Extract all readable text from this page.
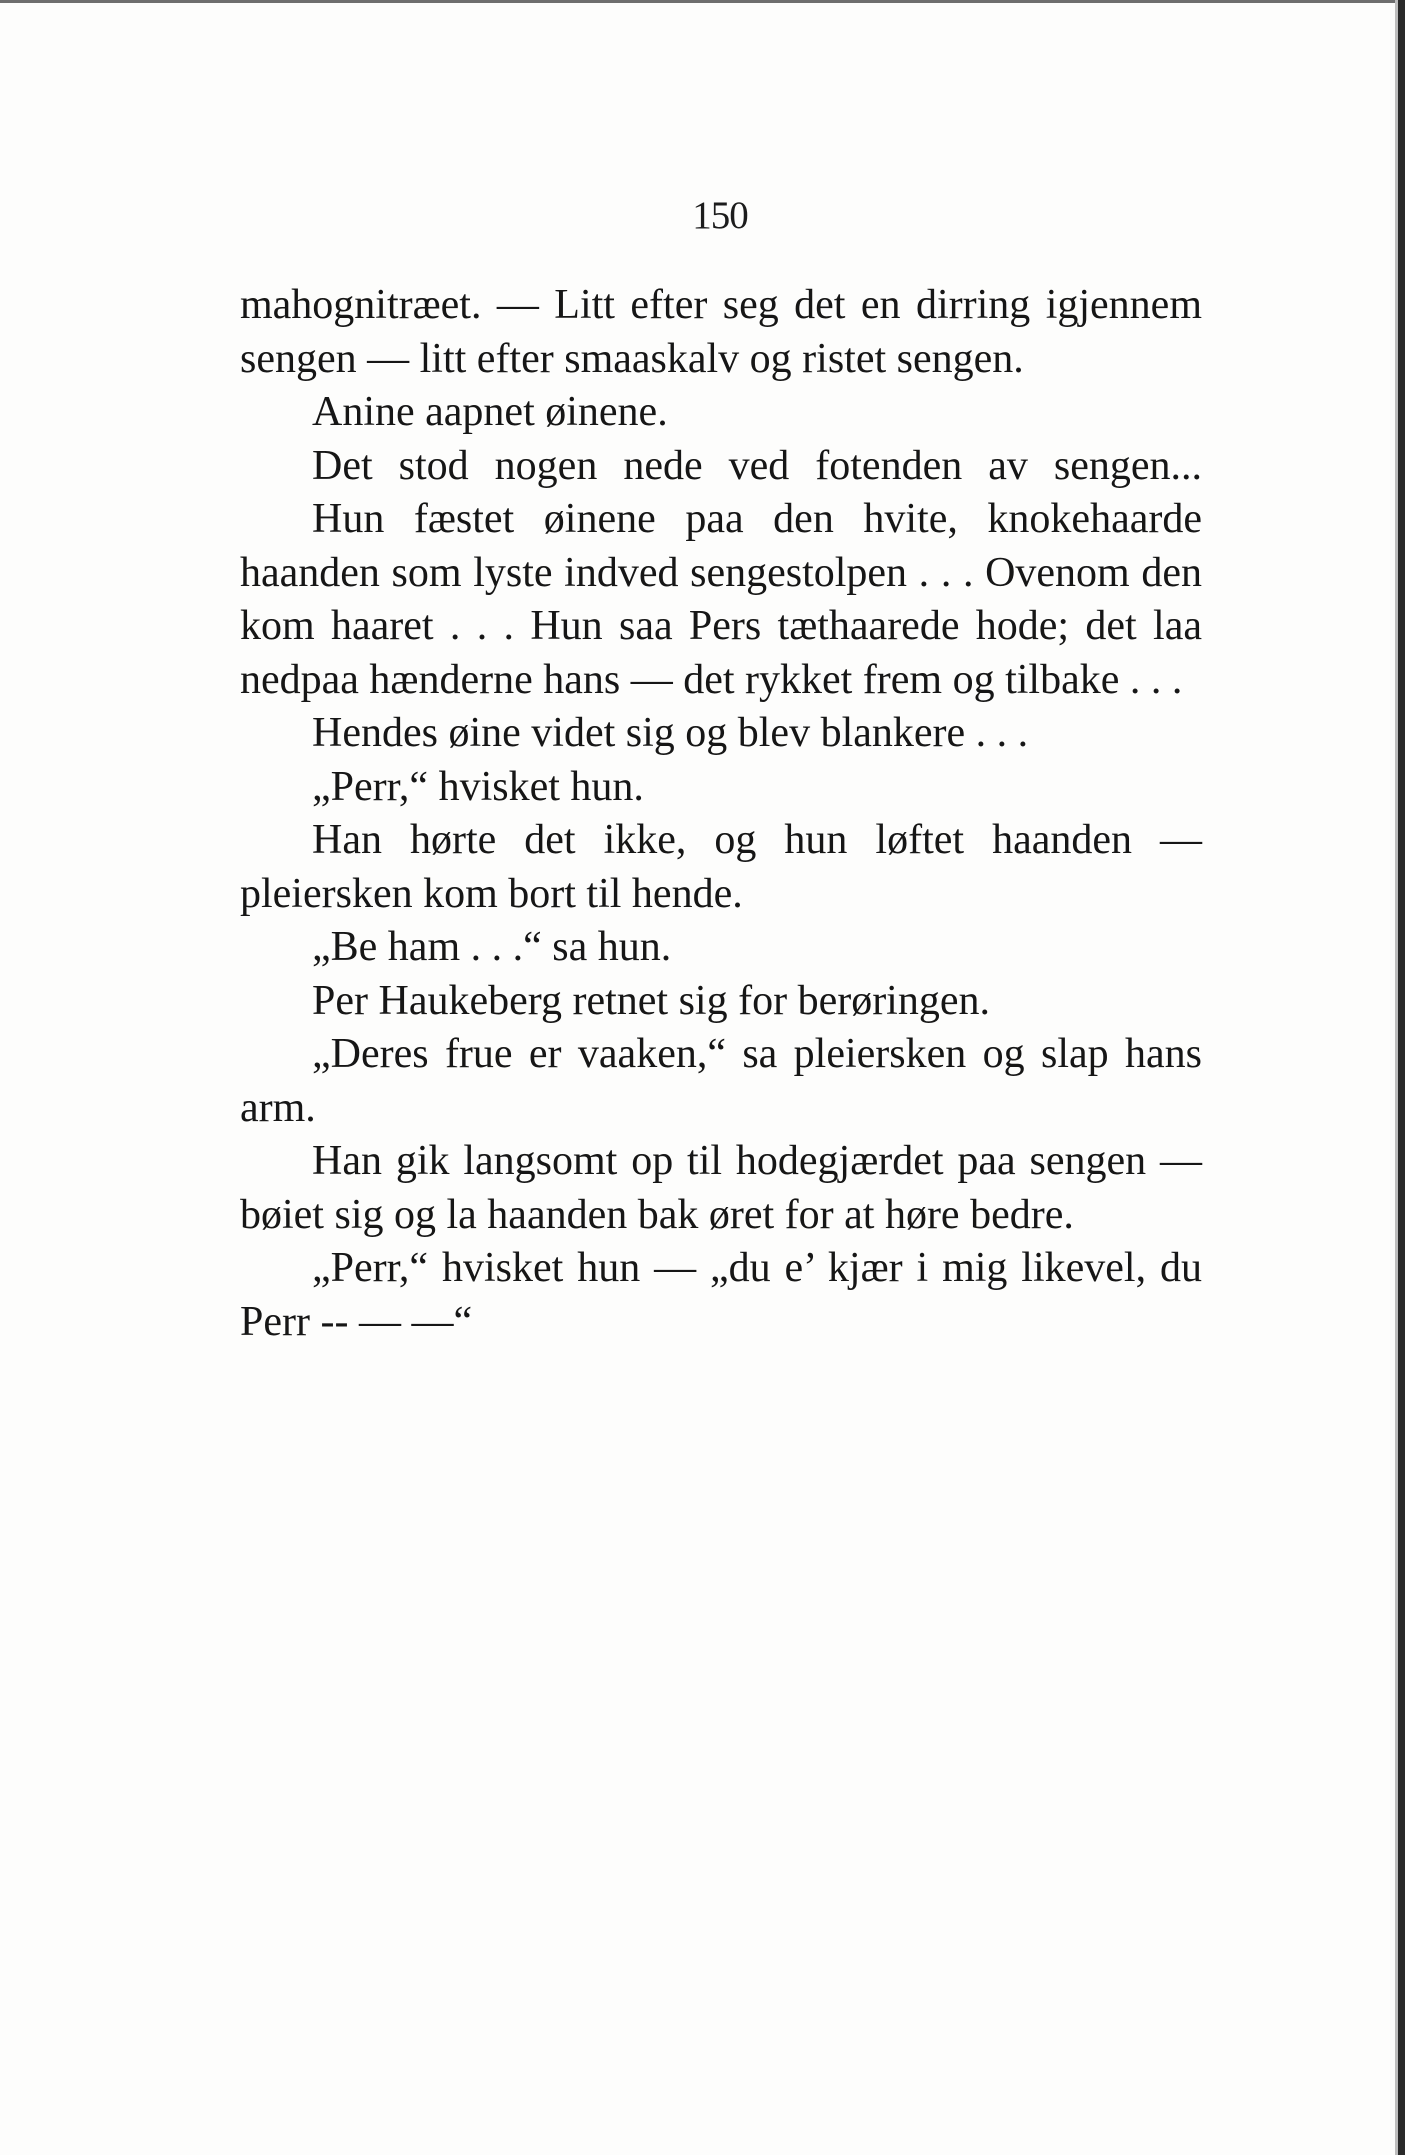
150

mahognitræet. — Litt efter seg det en dirring igjennem sengen — litt efter smaaskalv og ristet sengen.

Anine aapnet øinene.

Det stod nogen nede ved fotenden av sengen...

Hun fæstet øinene paa den hvite, knokehaarde haanden som lyste indved sengestolpen . . . Ovenom den kom haaret . . . Hun saa Pers tæthaarede hode; det laa nedpaa hænderne hans — det rykket frem og tilbake . . .

Hendes øine videt sig og blev blankere . . .

„Perr,“ hvisket hun.

Han hørte det ikke, og hun løftet haanden — pleiersken kom bort til hende.

„Be ham . . .“ sa hun.

Per Haukeberg retnet sig for berøringen.

„Deres frue er vaaken,“ sa pleiersken og slap hans arm.

Han gik langsomt op til hodegjærdet paa sengen — bøiet sig og la haanden bak øret for at høre bedre.

„Perr,“ hvisket hun — „du e’ kjær i mig likevel, du Perr -- — —“
